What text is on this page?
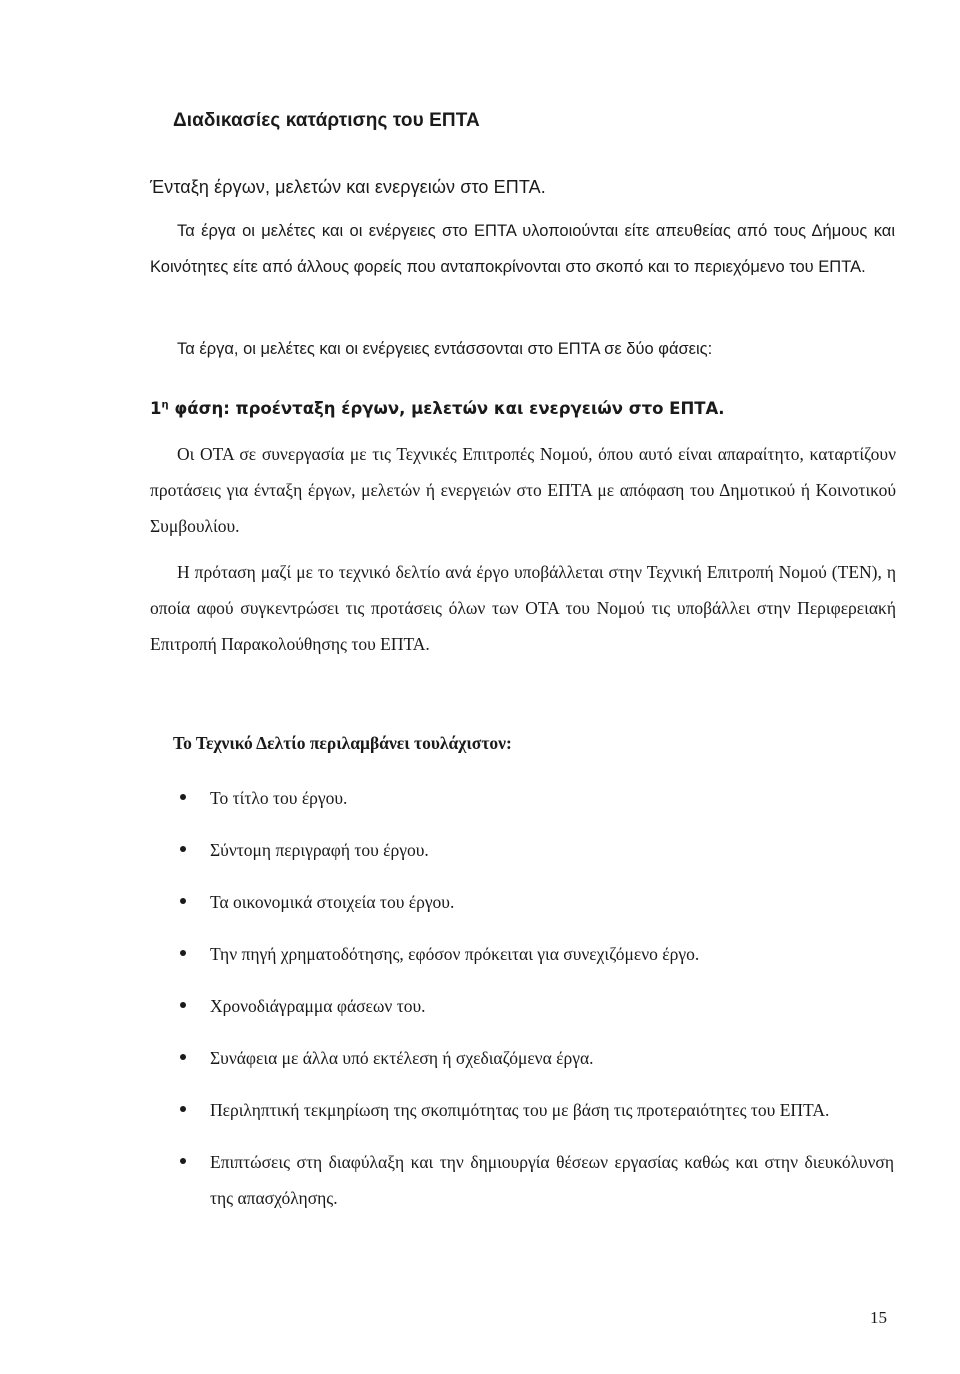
Διαδικασίες κατάρτισης του ΕΠΤΑ
Ένταξη έργων, μελετών και ενεργειών στο ΕΠΤΑ.
Τα έργα οι μελέτες και οι ενέργειες στο ΕΠΤΑ υλοποιούνται είτε απευθείας από τους Δήμους και Κοινότητες είτε από άλλους φορείς που ανταποκρίνονται στο σκοπό και το περιεχόμενο του ΕΠΤΑ.
Τα έργα, οι μελέτες και οι ενέργειες εντάσσονται στο ΕΠΤΑ σε δύο φάσεις:
$1^\eta$ φάση: προένταξη έργων, μελετών και ενεργειών στο ΕΠΤΑ.
Οι ΟΤΑ σε συνεργασία με τις Τεχνικές Επιτροπές Νομού, όπου αυτό είναι απαραίτητο, καταρτίζουν προτάσεις για ένταξη έργων, μελετών ή ενεργειών στο ΕΠΤΑ με απόφαση του Δημοτικού ή Κοινοτικού Συμβουλίου.
Η πρόταση μαζί με το τεχνικό δελτίο ανά έργο υποβάλλεται στην Τεχνική Επιτροπή Νομού (ΤΕΝ), η οποία αφού συγκεντρώσει τις προτάσεις όλων των ΟΤΑ του Νομού τις υποβάλλει στην Περιφερειακή Επιτροπή Παρακολούθησης του ΕΠΤΑ.
Το Τεχνικό Δελτίο περιλαμβάνει τουλάχιστον:
Το τίτλο του έργου.
Σύντομη περιγραφή του έργου.
Τα οικονομικά στοιχεία του έργου.
Την πηγή χρηματοδότησης, εφόσον πρόκειται για συνεχιζόμενο έργο.
Χρονοδιάγραμμα φάσεων του.
Συνάφεια με άλλα υπό εκτέλεση ή σχεδιαζόμενα έργα.
Περιληπτική τεκμηρίωση της σκοπιμότητας του με βάση τις προτεραιότητες του ΕΠΤΑ.
Επιπτώσεις στη διαφύλαξη και την δημιουργία θέσεων εργασίας καθώς και στην διευκόλυνση της απασχόλησης.
15
